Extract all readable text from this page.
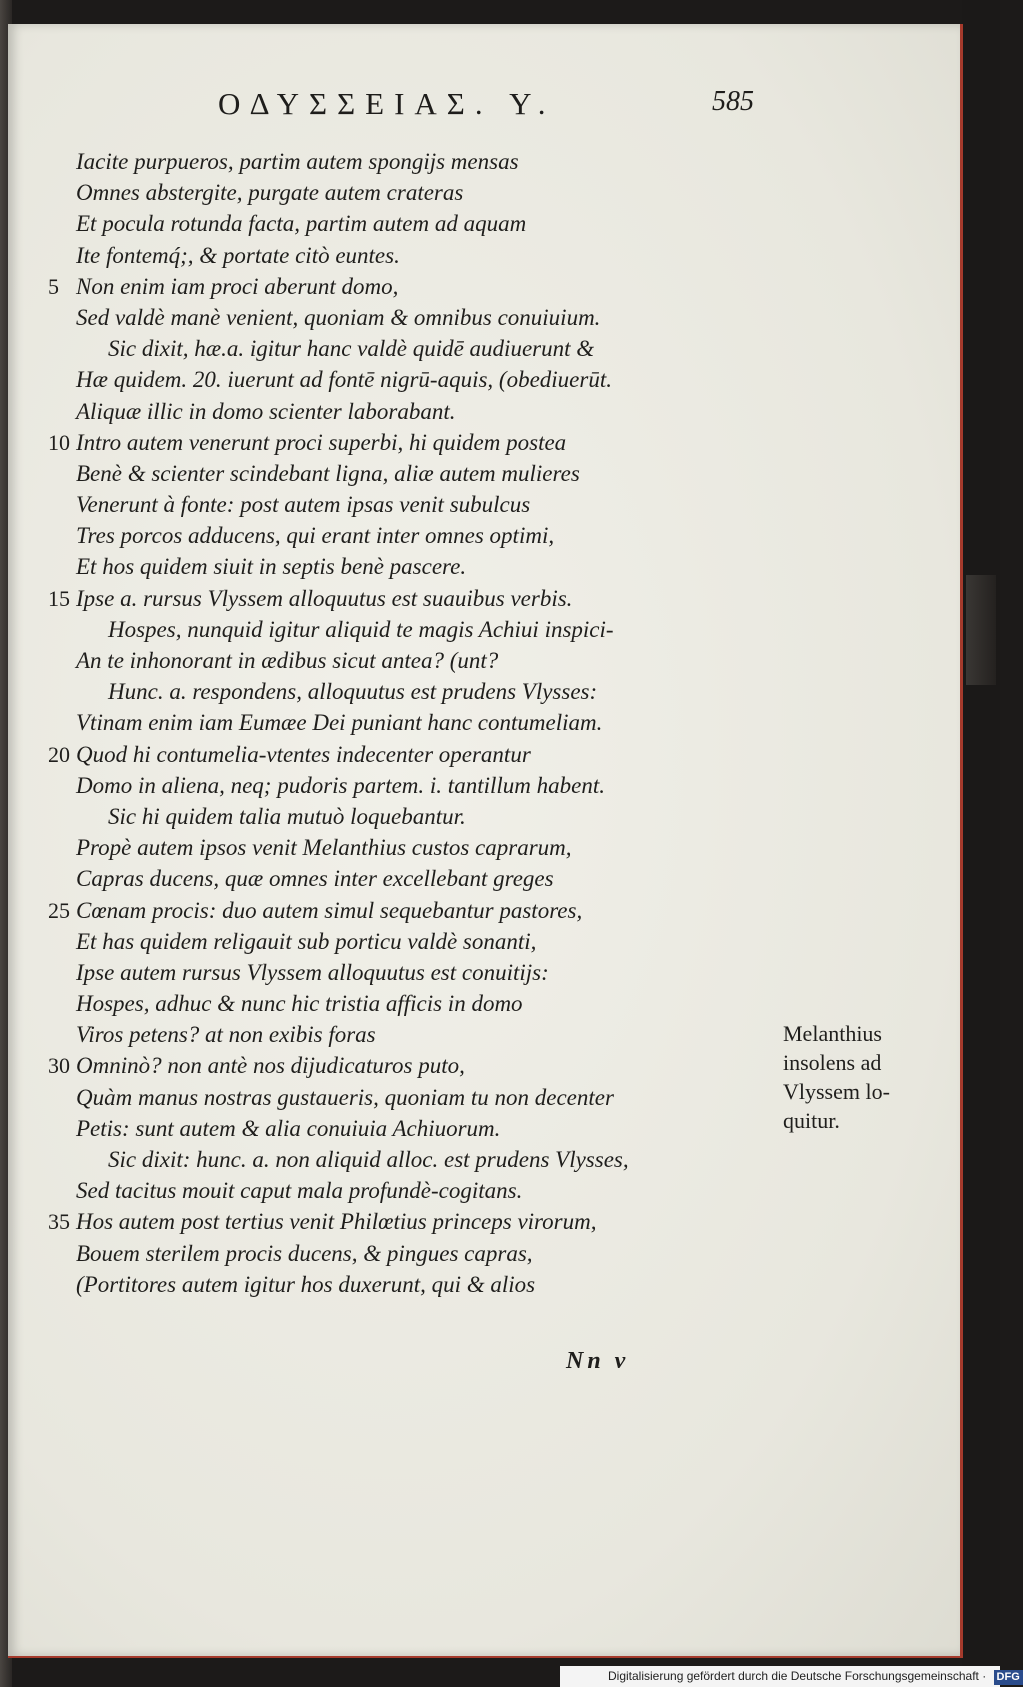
ΟΔΥΣΣΕΙΑΣ. Υ.	585
Iacite purpueros, partim autem spongijs mensas
Omnes abstergite, purgate autem crateras
Et pocula rotunda facta, partim autem ad aquam
Ite fontemq́;, & portate citò euntes.
5 Non enim iam proci aberunt domo,
Sed valdè manè venient, quoniam & omnibus conuiuium.
Sic dixit, hæ.a. igitur hanc valdè quidē audiuerunt &
Hæ quidem. 20. iuerunt ad fontē nigrū-aquis, (obediuerūt.
Aliquæ illic in domo scienter laborabant.
10 Intro autem venerunt proci superbi, hi quidem postea
Benè & scienter scindebant ligna, aliæ autem mulieres
Venerunt à fonte: post autem ipsas venit subulcus
Tres porcos adducens, qui erant inter omnes optimi,
Et hos quidem siuit in septis benè pascere.
15 Ipse a. rursus Vlyssem alloquutus est suauibus verbis.
Hospes, nunquid igitur aliquid te magis Achiui inspici-
An te inhonorant in ædibus sicut antea? (unt?
Hunc. a. respondens, alloquutus est prudens Vlysses:
Vtinam enim iam Eumæe Dei puniant hanc contumeliam.
20 Quod hi contumelia-vtentes indecenter operantur
Domo in aliena, neq; pudoris partem. i. tantillum habent.
Sic hi quidem talia mutuò loquebantur.
Propè autem ipsos venit Melanthius custos caprarum,
Capras ducens, quæ omnes inter excellebant greges
25 Cœnam procis: duo autem simul sequebantur pastores,
Et has quidem religauit sub porticu valdè sonanti,
Ipse autem rursus Vlyssem alloquutus est conuitijs:
Hospes, adhuc & nunc hic tristia afficis in domo
Viros petens? at non exibis foras
30 Omninò? non antè nos dijudicaturos puto,
Quàm manus nostras gustaueris, quoniam tu non decenter
Petis: sunt autem & alia conuiuia Achiuorum.
Sic dixit: hunc. a. non aliquid alloc. est prudens Vlysses,
Sed tacitus mouit caput mala profundè-cogitans.
35 Hos autem post tertius venit Philœtius princeps virorum,
Bouem sterilem procis ducens, & pingues capras,
(Portitores autem igitur hos duxerunt, qui & alios
Melanthius
insolens ad
Vlyssem lo-
quitur.
Nn v
Digitalisierung gefördert durch die Deutsche Forschungsgemeinschaft · DFG
